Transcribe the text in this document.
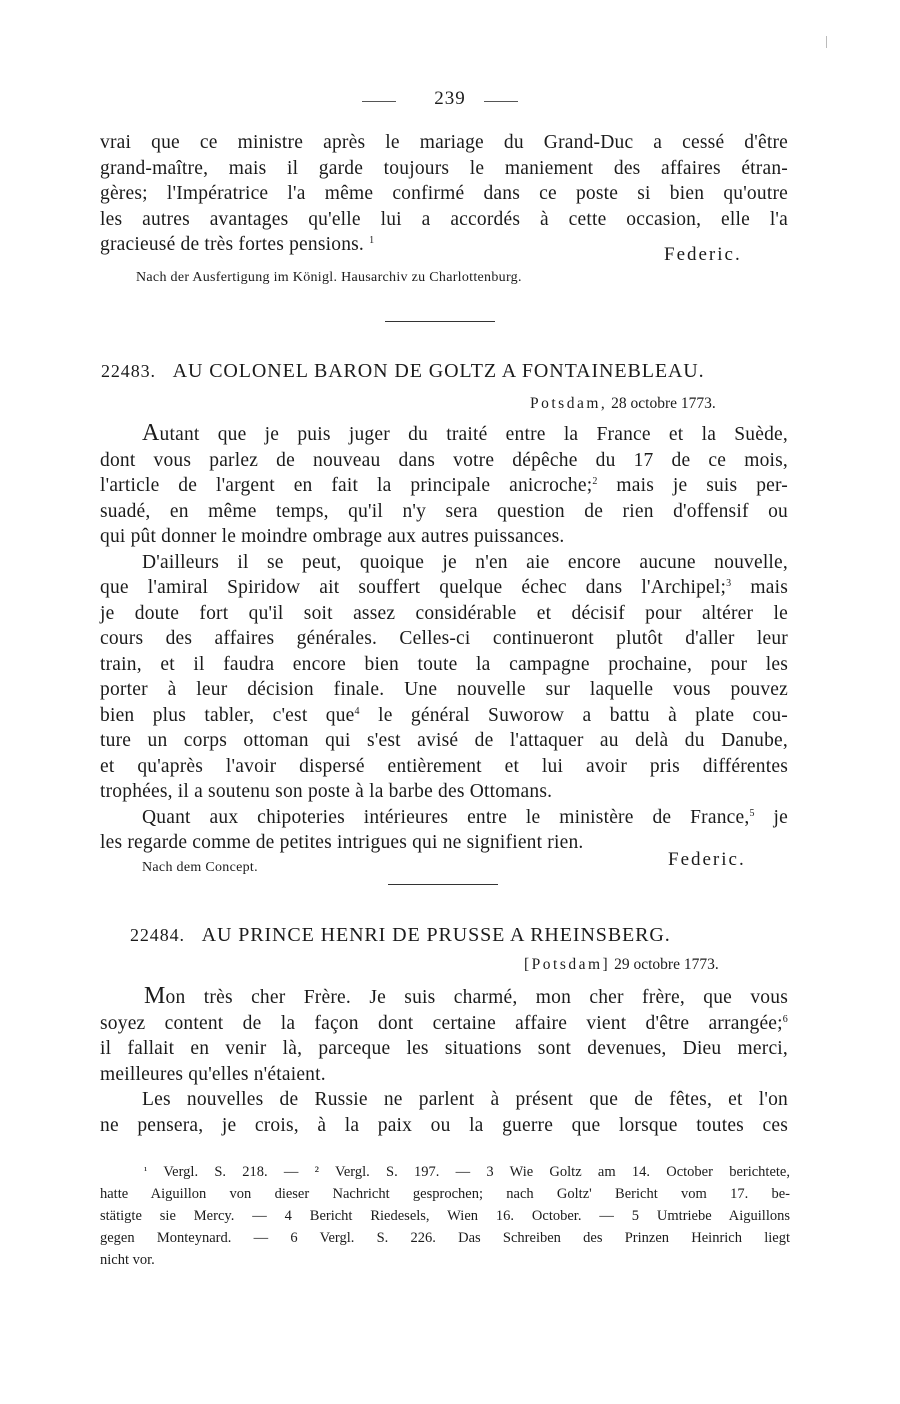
239
vrai que ce ministre après le mariage du Grand-Duc a cessé d'être
grand-maître, mais il garde toujours le maniement des affaires étran-
gères; l'Impératrice l'a même confirmé dans ce poste si bien qu'outre
les autres avantages qu'elle lui a accordés à cette occasion, elle l'a
gracieusé de très fortes pensions. $^1$
Federic.
Nach der Ausfertigung im Königl. Hausarchiv zu Charlottenburg.
22483. AU COLONEL BARON DE GOLTZ A FONTAINEBLEAU.
Potsdam, 28 octobre 1773.
Autant que je puis juger du traité entre la France et la Suède,
dont vous parlez de nouveau dans votre dépêche du 17 de ce mois,
l'article de l'argent en fait la principale anicroche;$^2$ mais je suis per-
suadé, en même temps, qu'il n'y sera question de rien d'offensif ou
qui pût donner le moindre ombrage aux autres puissances.
D'ailleurs il se peut, quoique je n'en aie encore aucune nouvelle,
que l'amiral Spiridow ait souffert quelque échec dans l'Archipel;$^3$ mais
je doute fort qu'il soit assez considérable et décisif pour altérer le
cours des affaires générales. Celles-ci continueront plutôt d'aller leur
train, et il faudra encore bien toute la campagne prochaine, pour les
porter à leur décision finale. Une nouvelle sur laquelle vous pouvez
bien plus tabler, c'est que$^4$ le général Suworow a battu à plate cou-
ture un corps ottoman qui s'est avisé de l'attaquer au delà du Danube,
et qu'après l'avoir dispersé entièrement et lui avoir pris différentes
trophées, il a soutenu son poste à la barbe des Ottomans.
Quant aux chipoteries intérieures entre le ministère de France,$^5$ je
les regarde comme de petites intrigues qui ne signifient rien.
Nach dem Concept.	Federic.
22484. AU PRINCE HENRI DE PRUSSE A RHEINSBERG.
[Potsdam] 29 octobre 1773.
Mon très cher Frère. Je suis charmé, mon cher frère, que vous
soyez content de la façon dont certaine affaire vient d'être arrangée;$^6$
il fallait en venir là, parceque les situations sont devenues, Dieu merci,
meilleures qu'elles n'étaient.
Les nouvelles de Russie ne parlent à présent que de fêtes, et l'on
ne pensera, je crois, à la paix ou la guerre que lorsque toutes ces
¹ Vergl. S. 218. — ² Vergl. S. 197. — 3 Wie Goltz am 14. October berichtete,
hatte Aiguillon von dieser Nachricht gesprochen; nach Goltz' Bericht vom 17. be-
stätigte sie Mercy. — 4 Bericht Riedesels, Wien 16. October. — 5 Umtriebe Aiguillons
gegen Monteynard. — 6 Vergl. S. 226. Das Schreiben des Prinzen Heinrich liegt
nicht vor.
